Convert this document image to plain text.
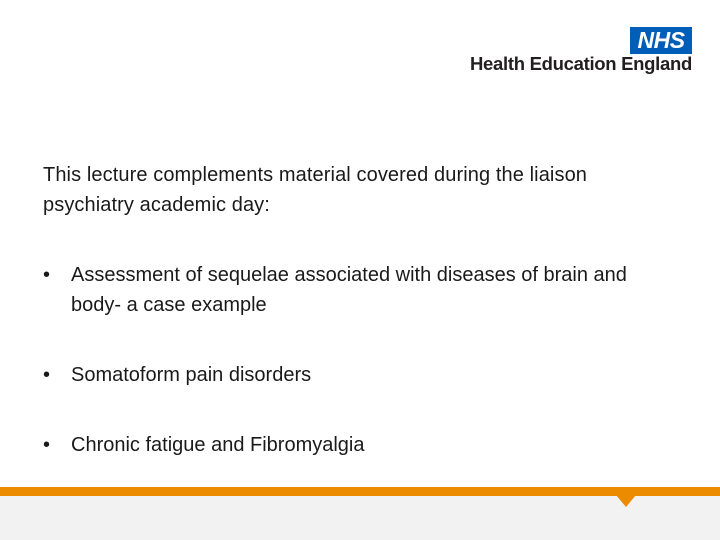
NHS
Health Education England

This lecture complements material covered during the liaison psychiatry academic day:

• Assessment of sequelae associated with diseases of brain and body- a case example
• Somatoform pain disorders
• Chronic fatigue and Fibromyalgia
